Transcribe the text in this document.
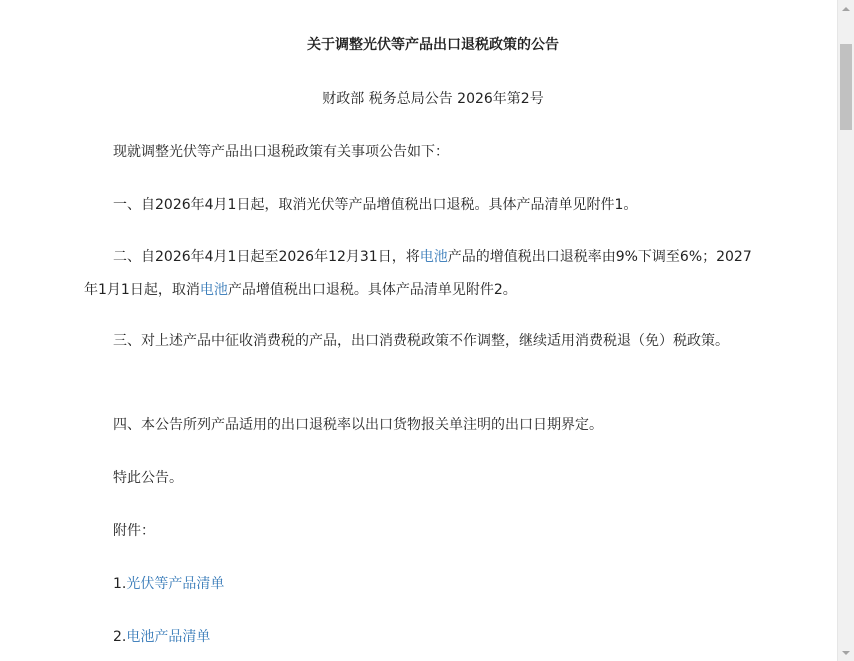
关于调整光伏等产品出口退税政策的公告
财政部 税务总局公告 2026年第2号

现就调整光伏等产品出口退税政策有关事项公告如下：

一、自2026年4月1日起，取消光伏等产品增值税出口退税。具体产品清单见附件1。

二、自2026年4月1日起至2026年12月31日，将电池产品的增值税出口退税率由9%下调至6%；2027年1月1日起，取消电池产品增值税出口退税。具体产品清单见附件2。

三、对上述产品中征收消费税的产品，出口消费税政策不作调整，继续适用消费税退（免）税政策。

四、本公告所列产品适用的出口退税率以出口货物报关单注明的出口日期界定。

特此公告。

附件：

1.光伏等产品清单

2.电池产品清单
